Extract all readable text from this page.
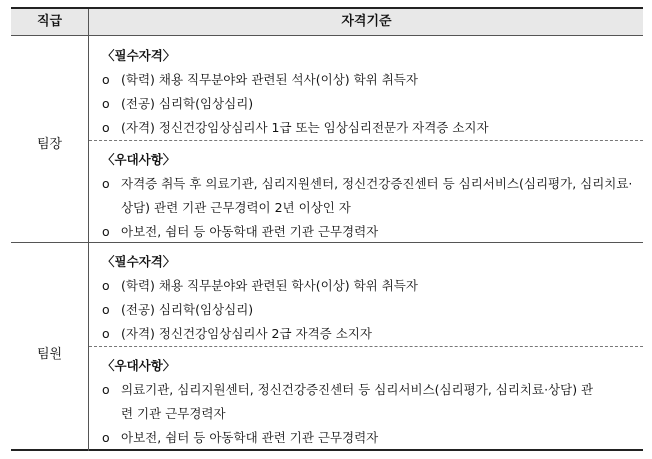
직급	자격기준
팀장
〈필수자격〉
o (학력) 채용 직무분야와 관련된 석사(이상) 학위 취득자
o (전공) 심리학(임상심리)
o (자격) 정신건강임상심리사 1급 또는 임상심리전문가 자격증 소지자
〈우대사항〉
o 자격증 취득 후 의료기관, 심리지원센터, 정신건강증진센터 등 심리서비스(심리평가, 심리치료·
상담) 관련 기관 근무경력이 2년 이상인 자
o 아보전, 쉼터 등 아동학대 관련 기관 근무경력자
팀원
〈필수자격〉
o (학력) 채용 직무분야와 관련된 학사(이상) 학위 취득자
o (전공) 심리학(임상심리)
o (자격) 정신건강임상심리사 2급 자격증 소지자
〈우대사항〉
o 의료기관, 심리지원센터, 정신건강증진센터 등 심리서비스(심리평가, 심리치료·상담) 관
련 기관 근무경력자
o 아보전, 쉼터 등 아동학대 관련 기관 근무경력자
